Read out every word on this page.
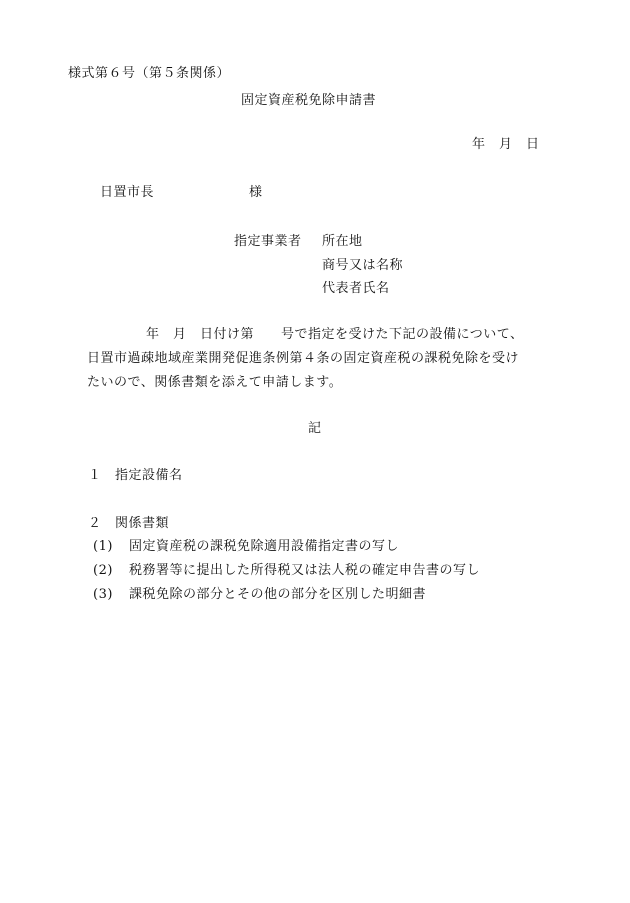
様式第６号（第５条関係）
固定資産税免除申請書
年　月　日
日置市長	様
指定事業者 所在地
商号又は名称
代表者氏名
年　月　日付け第　　号で指定を受けた下記の設備について、
日置市過疎地域産業開発促進条例第４条の固定資産税の課税免除を受け
たいので、関係書類を添えて申請します。
記
１ 指定設備名
２ 関係書類
(1) 固定資産税の課税免除適用設備指定書の写し
(2) 税務署等に提出した所得税又は法人税の確定申告書の写し
(3) 課税免除の部分とその他の部分を区別した明細書
